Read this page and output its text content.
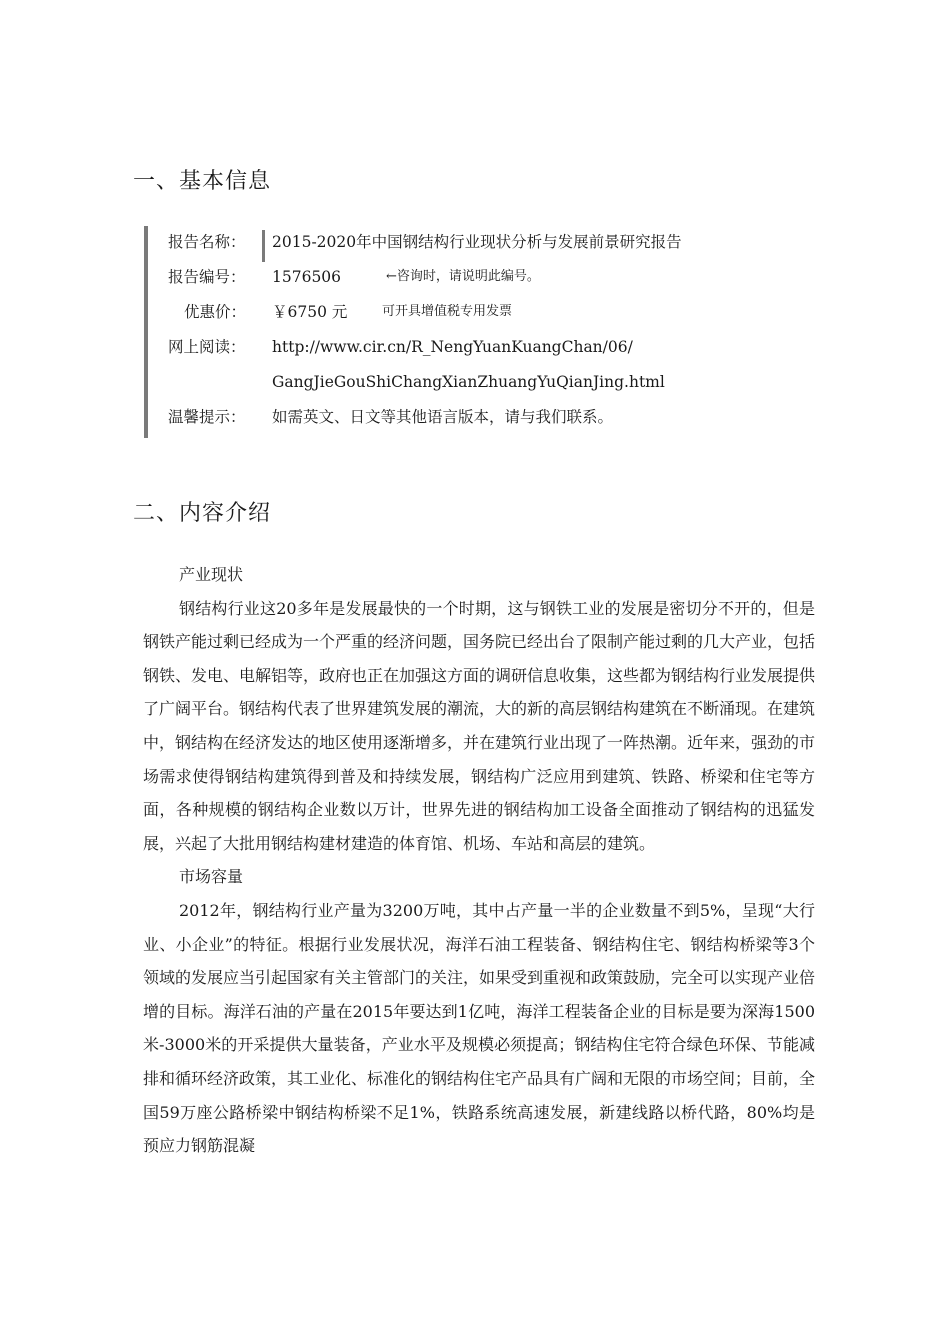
一、基本信息
报告名称： 2015-2020年中国钢结构行业现状分析与发展前景研究报告
报告编号： 1576506	←咨询时，请说明此编号。
优惠价：	￥6750 元	可开具增值税专用发票
网上阅读： http://www.cir.cn/R_NengYuanKuangChan/06/
GangJieGouShiChangXianZhuangYuQianJing.html
温馨提示： 如需英文、日文等其他语言版本，请与我们联系。
二、内容介绍

产业现状

钢结构行业这20多年是发展最快的一个时期，这与钢铁工业的发展是密切分不开的，但是钢铁产能过剩已经成为一个严重的经济问题，国务院已经出台了限制产能过剩的几大产业，包括钢铁、发电、电解铝等，政府也正在加强这方面的调研信息收集，这些都为钢结构行业发展提供了广阔平台。钢结构代表了世界建筑发展的潮流，大的新的高层钢结构建筑在不断涌现。在建筑中，钢结构在经济发达的地区使用逐渐增多，并在建筑行业出现了一阵热潮。近年来，强劲的市场需求使得钢结构建筑得到普及和持续发展，钢结构广泛应用到建筑、铁路、桥梁和住宅等方面，各种规模的钢结构企业数以万计，世界先进的钢结构加工设备全面推动了钢结构的迅猛发展，兴起了大批用钢结构建材建造的体育馆、机场、车站和高层的建筑。

市场容量

2012年，钢结构行业产量为3200万吨，其中占产量一半的企业数量不到5%，呈现“大行业、小企业”的特征。根据行业发展状况，海洋石油工程装备、钢结构住宅、钢结构桥梁等3个领域的发展应当引起国家有关主管部门的关注，如果受到重视和政策鼓励，完全可以实现产业倍增的目标。海洋石油的产量在2015年要达到1亿吨，海洋工程装备企业的目标是要为深海1500米-3000米的开采提供大量装备，产业水平及规模必须提高；钢结构住宅符合绿色环保、节能减排和循环经济政策，其工业化、标准化的钢结构住宅产品具有广阔和无限的市场空间；目前，全国59万座公路桥梁中钢结构桥梁不足1%，铁路系统高速发展，新建线路以桥代路，80%均是预应力钢筋混凝
